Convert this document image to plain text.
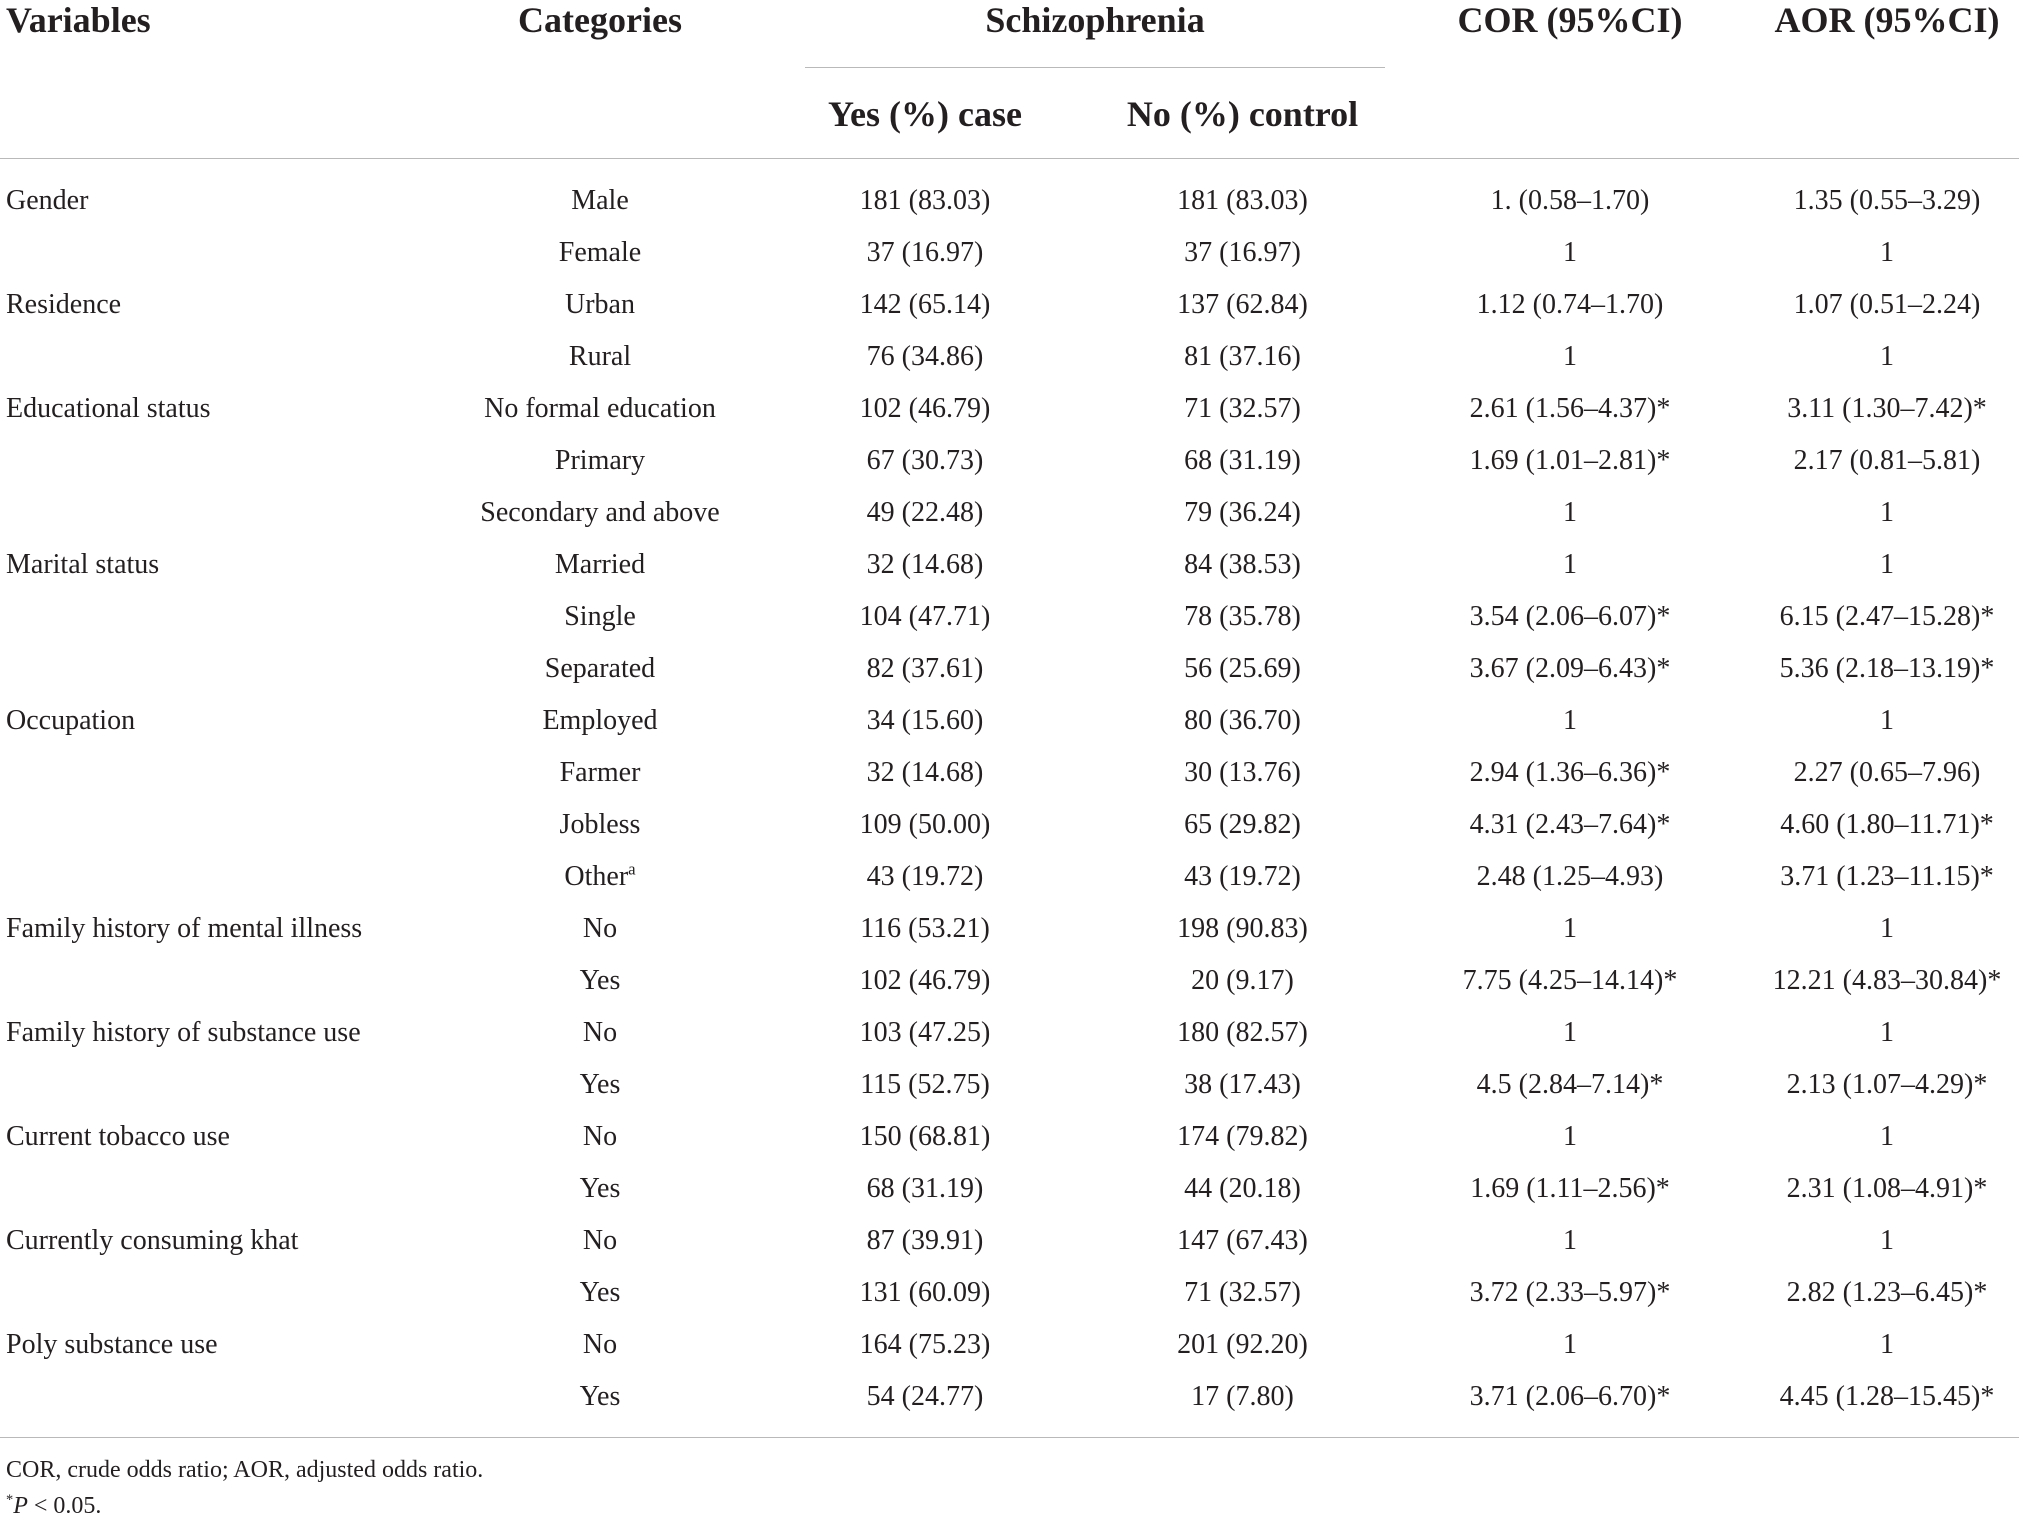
Variables	Categories	Schizophrenia	COR (95%CI)	AOR (95%CI)
Yes (%) case	No (%) control
Gender	Male	181 (83.03)	181 (83.03)	1. (0.58–1.70)	1.35 (0.55–3.29)
Female	37 (16.97)	37 (16.97)	1	1
Residence	Urban	142 (65.14)	137 (62.84)	1.12 (0.74–1.70)	1.07 (0.51–2.24)
Rural	76 (34.86)	81 (37.16)	1	1
Educational status	No formal education	102 (46.79)	71 (32.57)	2.61 (1.56–4.37)*	3.11 (1.30–7.42)*
Primary	67 (30.73)	68 (31.19)	1.69 (1.01–2.81)*	2.17 (0.81–5.81)
Secondary and above	49 (22.48)	79 (36.24)	1	1
Marital status	Married	32 (14.68)	84 (38.53)	1	1
Single	104 (47.71)	78 (35.78)	3.54 (2.06–6.07)*	6.15 (2.47–15.28)*
Separated	82 (37.61)	56 (25.69)	3.67 (2.09–6.43)*	5.36 (2.18–13.19)*
Occupation	Employed	34 (15.60)	80 (36.70)	1	1
Farmer	32 (14.68)	30 (13.76)	2.94 (1.36–6.36)*	2.27 (0.65–7.96)
Jobless	109 (50.00)	65 (29.82)	4.31 (2.43–7.64)*	4.60 (1.80–11.71)*
Other$^a$	43 (19.72)	43 (19.72)	2.48 (1.25–4.93)	3.71 (1.23–11.15)*
Family history of mental illness	No	116 (53.21)	198 (90.83)	1	1
Yes	102 (46.79)	20 (9.17)	7.75 (4.25–14.14)*	12.21 (4.83–30.84)*
Family history of substance use	No	103 (47.25)	180 (82.57)	1	1
Yes	115 (52.75)	38 (17.43)	4.5 (2.84–7.14)*	2.13 (1.07–4.29)*
Current tobacco use	No	150 (68.81)	174 (79.82)	1	1
Yes	68 (31.19)	44 (20.18)	1.69 (1.11–2.56)*	2.31 (1.08–4.91)*
Currently consuming khat	No	87 (39.91)	147 (67.43)	1	1
Yes	131 (60.09)	71 (32.57)	3.72 (2.33–5.97)*	2.82 (1.23–6.45)*
Poly substance use	No	164 (75.23)	201 (92.20)	1	1
Yes	54 (24.77)	17 (7.80)	3.71 (2.06–6.70)*	4.45 (1.28–15.45)*
COR, crude odds ratio; AOR, adjusted odds ratio.
*P < 0.05.
